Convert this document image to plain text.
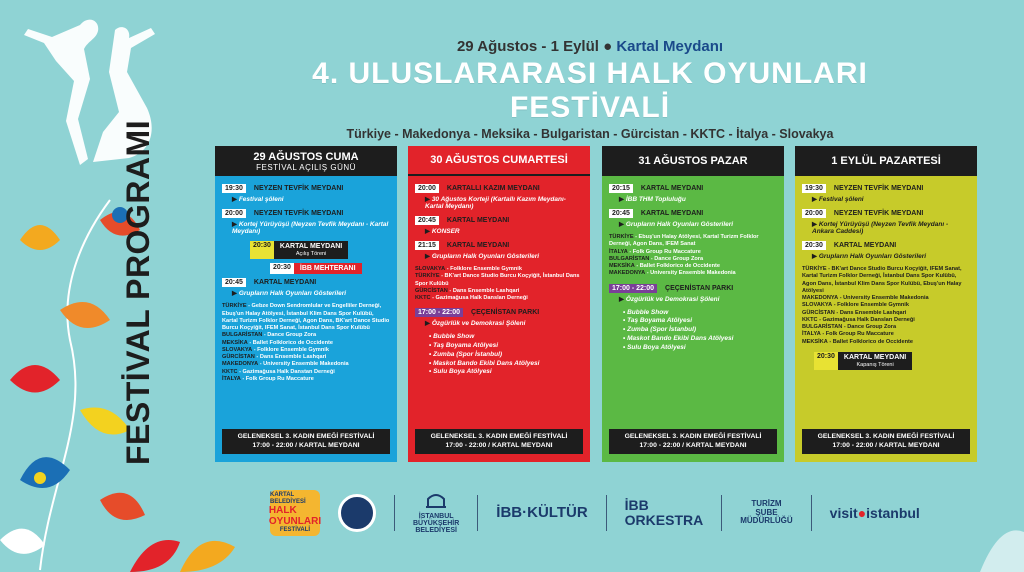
29 Ağustos - 1 Eylül ● Kartal Meydanı
4. ULUSLARARASI HALK OYUNLARI FESTİVALİ
Türkiye - Makedonya - Meksika - Bulgaristan - Gürcistan - KKTC - İtalya - Slovakya
FESTİVAL PROGRAMI	29 AĞUSTOS CUMA
FESTİVAL AÇILIŞ GÜNÜ
19:30	NEYZEN TEVFİK MEYDANI
▶ Festival şöleni
20:00	NEYZEN TEVFİK MEYDANI
▶ Kortej Yürüyüşü (Neyzen Tevfik Meydanı - Kartal Meydanı)
20:30	KARTAL MEYDANI
Açılış Töreni
20:30	İBB MEHTERANI
20:45	KARTAL MEYDANI
▶ Grupların Halk Oyunları Gösterileri
TÜRKİYE - Gebze Down Sendromlular ve Engelliler Derneği, Ebuş'un Halay Atölyesi, İstanbul Klim Dans Spor Kulübü, Kartal Turizm Folklor Derneği, Agon Dans, BK'art Dance Studio Burcu Koçyiğit, IFEM Sanat, İstanbul Dans Spor Kulübü
BULGARİSTAN - Dance Group Zora
MEKSİKA - Ballet Folklorico de Occidente
SLOVAKYA - Folklore Ensemble Gymnik
GÜRCİSTAN - Dans Ensemble Lashqari
MAKEDONYA - University Ensemble Makedonia
KKTC - Gazimağusa Halk Danstan Derneği
İTALYA - Folk Group Ru Maccature
GELENEKSEL 3. KADIN EMEĞİ FESTİVALİ
17:00 - 22:00 / KARTAL MEYDANI
30 AĞUSTOS CUMARTESİ
20:00	KARTALLI KAZIM MEYDANI
▶ 30 Ağustos Korteji (Kartallı Kazım Meydanı- Kartal Meydanı)
20:45	KARTAL MEYDANI
▶ KONSER
21:15	KARTAL MEYDANI
▶ Grupların Halk Oyunları Gösterileri
SLOVAKYA - Folklore Ensemble Gymnik
TÜRKİYE - BK'art Dance Studio Burcu Koçyiğit, İstanbul Dans Spor Kulübü
GÜRCİSTAN - Dans Ensemble Lashqari
KKTC - Gazimağusa Halk Dansları Derneği
17:00 - 22:00	ÇEÇENİSTAN PARKI
▶ Özgürlük ve Demokrasi Şöleni
• Bubble Show
• Taş Boyama Atölyesi
• Zumba (Spor İstanbul)
• Maskot Bando Ekibi Dans Atölyesi
• Sulu Boya Atölyesi
GELENEKSEL 3. KADIN EMEĞİ FESTİVALİ
17:00 - 22:00 / KARTAL MEYDANI
31 AĞUSTOS PAZAR
20:15	KARTAL MEYDANI
▶ İBB THM Topluluğu
20:45	KARTAL MEYDANI
▶ Grupların Halk Oyunları Gösterileri
TÜRKİYE - Ebuş'un Halay Atölyesi, Kartal Turizm Folklor Derneği, Agon Dans, IFEM Sanat
İTALYA - Folk Group Ru Maccature
BULGARİSTAN - Dance Group Zora
MEKSİKA - Ballet Folklorico de Occidente
MAKEDONYA - University Ensemble Makedonia
17:00 - 22:00	ÇEÇENİSTAN PARKI
▶ Özgürlük ve Demokrasi Şöleni
• Bubble Show
• Taş Boyama Atölyesi
• Zumba (Spor İstanbul)
• Maskot Bando Ekibi Dans Atölyesi
• Sulu Boya Atölyesi
GELENEKSEL 3. KADIN EMEĞİ FESTİVALİ
17:00 - 22:00 / KARTAL MEYDANI
1 EYLÜL PAZARTESİ
19:30	NEYZEN TEVFİK MEYDANI
▶ Festival şöleni
20:00	NEYZEN TEVFİK MEYDANI
▶ Kortej Yürüyüşü (Neyzen Tevfik Meydanı - Ankara Caddesi)
20:30	KARTAL MEYDANI
▶ Grupların Halk Oyunları Gösterileri
TÜRKİYE - BK'art Dance Studio Burcu Koçyiğit, IFEM Sanat, Kartal Turizm Folklor Derneği, İstanbul Dans Spor Kulübü, Agon Dans, İstanbul Klim Dans Spor Kulübü, Ebuş'un Halay Atölyesi
MAKEDONYA - University Ensemble Makedonia
SLOVAKYA - Folklore Ensemble Gymnik
GÜRCİSTAN - Dans Ensemble Lashqari
KKTC - Gazimağusa Halk Dansları Derneği
BULGARİSTAN - Dance Group Zora
İTALYA - Folk Group Ru Maccature
MEKSİKA - Ballet Folklorico de Occidente
20:30	KARTAL MEYDANI
Kapanış Töreni
GELENEKSEL 3. KADIN EMEĞİ FESTİVALİ
17:00 - 22:00 / KARTAL MEYDANI
KARTAL BELEDİYESİ
HALK OYUNLARI
FESTİVALİ
İSTANBUL
BÜYÜKŞEHİR
BELEDİYESİ
İBB·KÜLTÜR	İBB
ORKESTRA
TURİZM
ŞUBE
MÜDÜRLÜĞÜ
visit●istanbul
